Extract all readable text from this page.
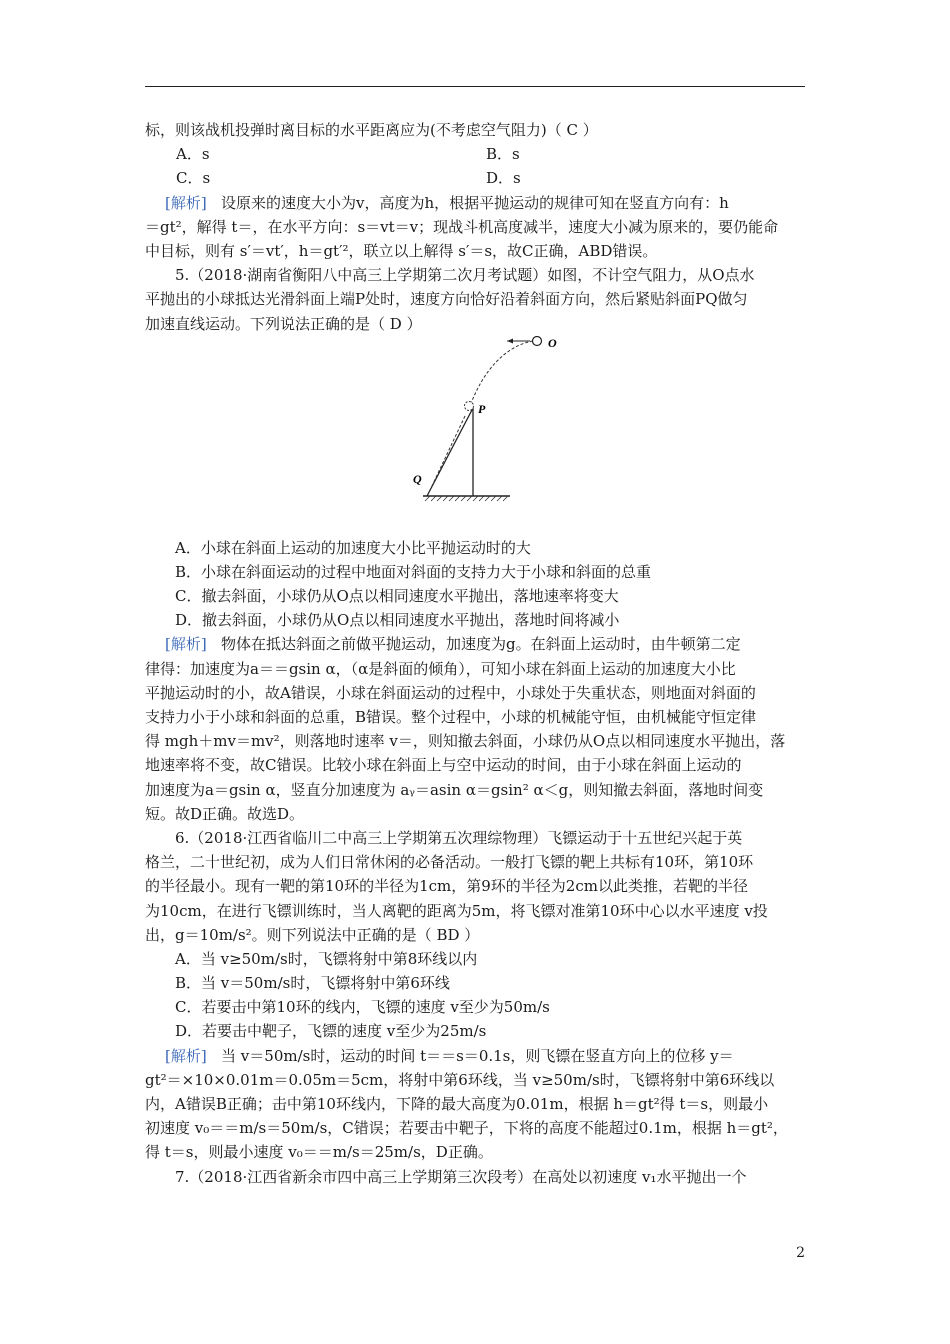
标，则该战机投弹时离目标的水平距离应为(不考虑空气阻力)（ C ）
A．s	B．s
C．s	D．s
[解析] 设原来的速度大小为v，高度为h，根据平抛运动的规律可知在竖直方向有：h
＝gt²，解得 t＝，在水平方向：s＝vt＝v；现战斗机高度减半，速度大小减为原来的，要仍能命
中目标，则有 s′＝vt′，h＝gt′²，联立以上解得 s′＝s，故C正确，ABD错误。
5.（2018·湖南省衡阳八中高三上学期第二次月考试题）如图，不计空气阻力，从O点水
平抛出的小球抵达光滑斜面上端P处时，速度方向恰好沿着斜面方向，然后紧贴斜面PQ做匀
加速直线运动。下列说法正确的是（ D ）
O
P
Q
A．小球在斜面上运动的加速度大小比平抛运动时的大
B．小球在斜面运动的过程中地面对斜面的支持力大于小球和斜面的总重
C．撤去斜面，小球仍从O点以相同速度水平抛出，落地速率将变大
D．撤去斜面，小球仍从O点以相同速度水平抛出，落地时间将减小
[解析] 物体在抵达斜面之前做平抛运动，加速度为g。在斜面上运动时，由牛顿第二定
律得：加速度为a＝＝gsin α，（α是斜面的倾角），可知小球在斜面上运动的加速度大小比
平抛运动时的小，故A错误，小球在斜面运动的过程中，小球处于失重状态，则地面对斜面的
支持力小于小球和斜面的总重，B错误。整个过程中，小球的机械能守恒，由机械能守恒定律
得 mgh＋mv＝mv²，则落地时速率 v＝，则知撤去斜面，小球仍从O点以相同速度水平抛出，落
地速率将不变，故C错误。比较小球在斜面上与空中运动的时间，由于小球在斜面上运动的
加速度为a＝gsin α，竖直分加速度为 aᵧ＝asin α＝gsin² α＜g，则知撤去斜面，落地时间变
短。故D正确。故选D。
6.（2018·江西省临川二中高三上学期第五次理综物理）飞镖运动于十五世纪兴起于英
格兰，二十世纪初，成为人们日常休闲的必备活动。一般打飞镖的靶上共标有10环，第10环
的半径最小。现有一靶的第10环的半径为1cm，第9环的半径为2cm以此类推，若靶的半径
为10cm，在进行飞镖训练时，当人离靶的距离为5m，将飞镖对准第10环中心以水平速度 v投
出，g＝10m/s²。则下列说法中正确的是（ BD ）
A．当 v≥50m/s时，飞镖将射中第8环线以内
B．当 v＝50m/s时，飞镖将射中第6环线
C．若要击中第10环的线内，飞镖的速度 v至少为50m/s
D．若要击中靶子，飞镖的速度 v至少为25m/s
[解析] 当 v＝50m/s时，运动的时间 t＝＝s＝0.1s，则飞镖在竖直方向上的位移 y＝
gt²＝×10×0.01m＝0.05m＝5cm，将射中第6环线，当 v≥50m/s时，飞镖将射中第6环线以
内，A错误B正确；击中第10环线内，下降的最大高度为0.01m，根据 h＝gt²得 t＝s，则最小
初速度 v₀＝＝m/s＝50m/s，C错误；若要击中靶子，下将的高度不能超过0.1m，根据 h＝gt²，
得 t＝s，则最小速度 v₀＝＝m/s＝25m/s，D正确。
7.（2018·江西省新余市四中高三上学期第三次段考）在高处以初速度 v₁水平抛出一个
2
